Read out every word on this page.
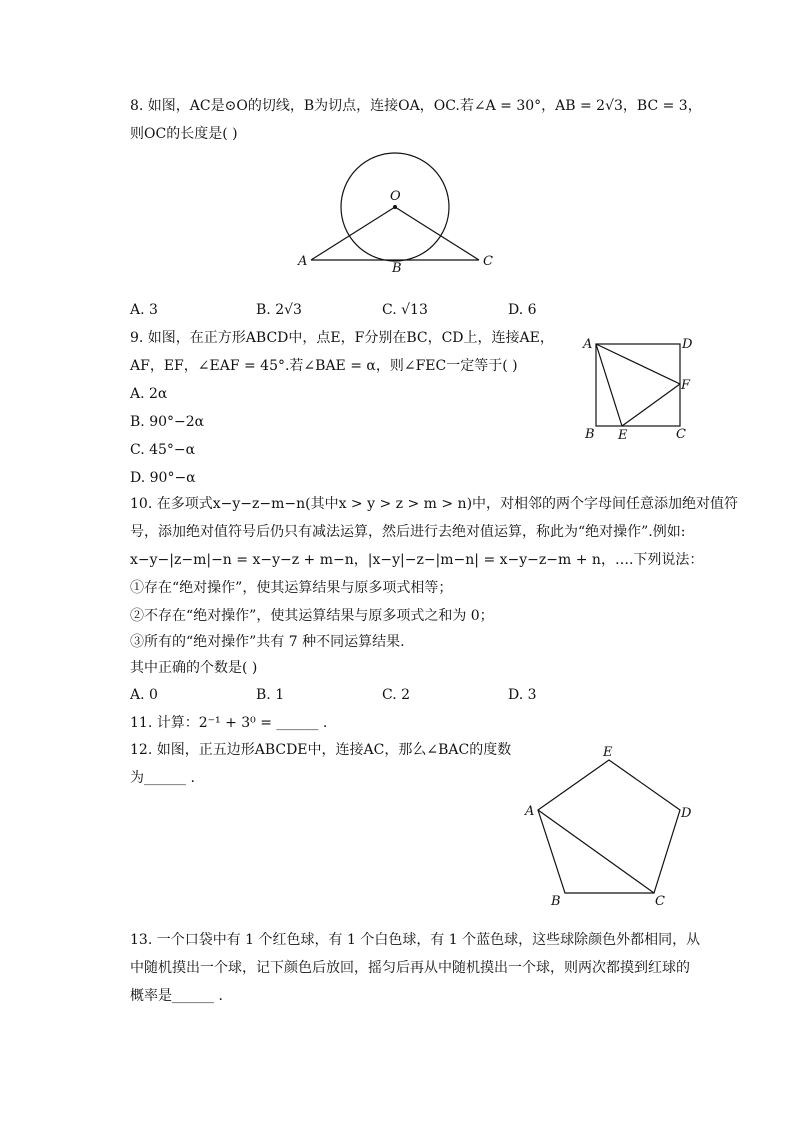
8. 如图，AC是⊙O的切线，B为切点，连接OA，OC.若∠A = 30°，AB = 2√3，BC = 3，
则OC的长度是( )
O
A	B	C
A. 3	B. 2√3	C. √13	D. 6
9. 如图，在正方形ABCD中，点E，F分别在BC，CD上，连接AE，
AF，EF，∠EAF = 45°.若∠BAE = α，则∠FEC一定等于( )
A. 2α
B. 90°−2α
C. 45°−α
D. 90°−α
A	D
F
B E	C
10. 在多项式x−y−z−m−n(其中x > y > z > m > n)中，对相邻的两个字母间任意添加绝对值符
号，添加绝对值符号后仍只有减法运算，然后进行去绝对值运算，称此为“绝对操作”.例如:
x−y−|z−m|−n = x−y−z + m−n，|x−y|−z−|m−n| = x−y−z−m + n，….下列说法：
①存在“绝对操作”，使其运算结果与原多项式相等；
②不存在“绝对操作”，使其运算结果与原多项式之和为 0；
③所有的“绝对操作”共有 7 种不同运算结果.
其中正确的个数是( )
A. 0	B. 1	C. 2	D. 3
11. 计算：2⁻¹ + 3⁰ = ______ .
12. 如图，正五边形ABCDE中，连接AC，那么∠BAC的度数
为______ .
E
D
A
B	C
13. 一个口袋中有 1 个红色球，有 1 个白色球，有 1 个蓝色球，这些球除颜色外都相同，从
中随机摸出一个球，记下颜色后放回，摇匀后再从中随机摸出一个球，则两次都摸到红球的
概率是______ .
